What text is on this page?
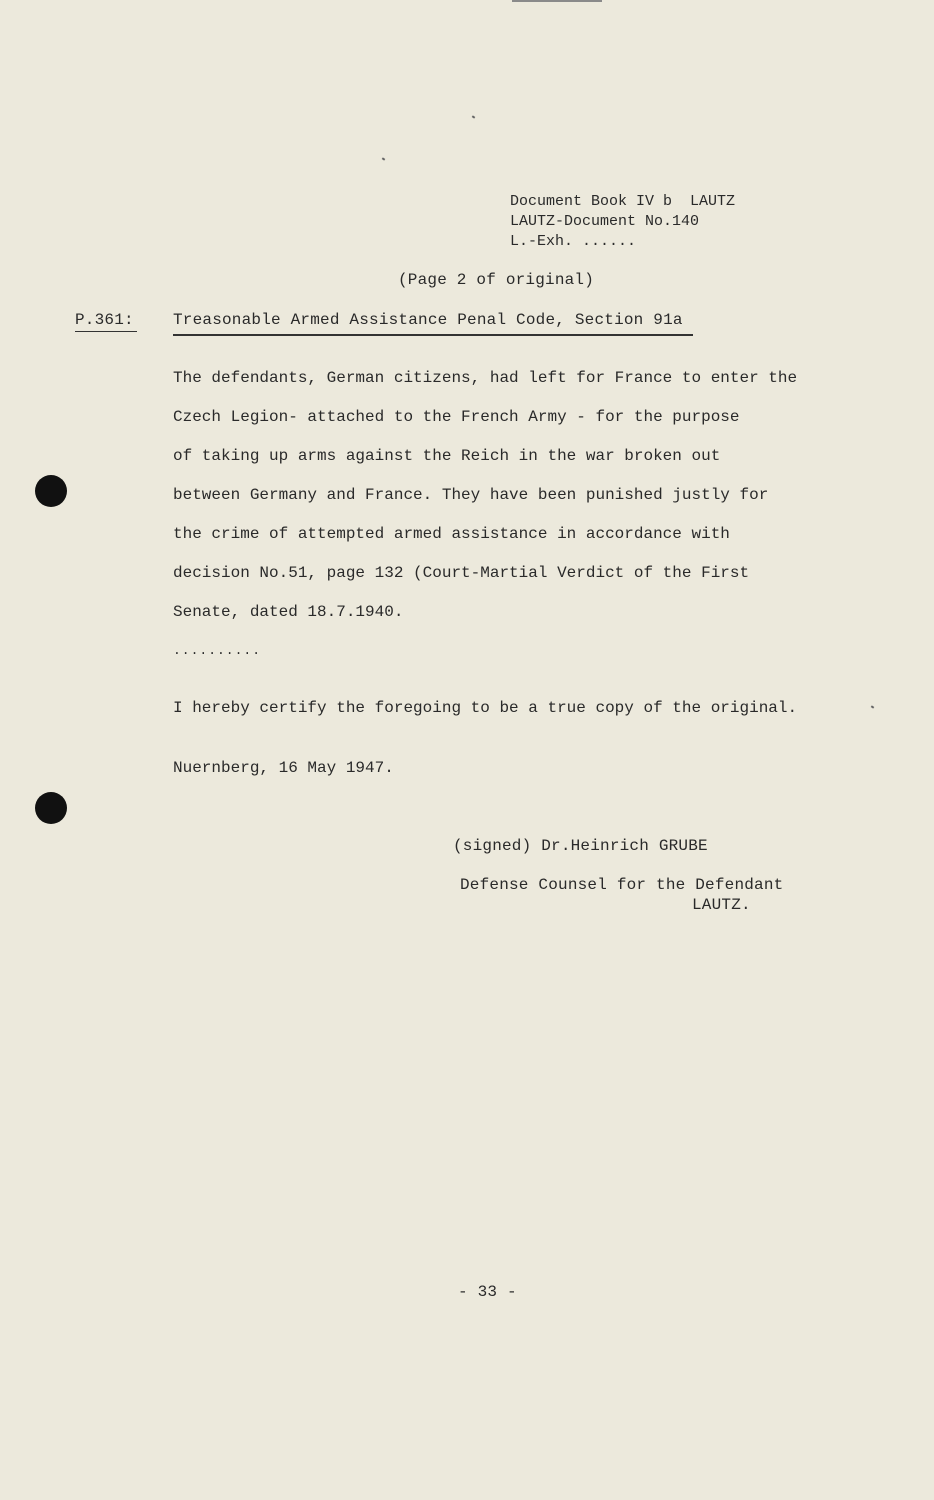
Document Book IV b  LAUTZ
LAUTZ-Document No.140
L.-Exh. ......
(Page 2 of original)
P.361: Treasonable Armed Assistance Penal Code, Section 91a
The defendants, German citizens, had left for France to enter the
Czech Legion- attached to the French Army - for the purpose
of taking up arms against the Reich in the war broken out
between Germany and France. They have been punished justly for
the crime of attempted armed assistance in accordance with
decision No.51, page 132 (Court-Martial Verdict of the First
Senate, dated 18.7.1940.
..........
I hereby certify the foregoing to be a true copy of the original.
Nuernberg, 16 May 1947.
(signed) Dr.Heinrich GRUBE
Defense Counsel for the Defendant
LAUTZ.
- 33 -
